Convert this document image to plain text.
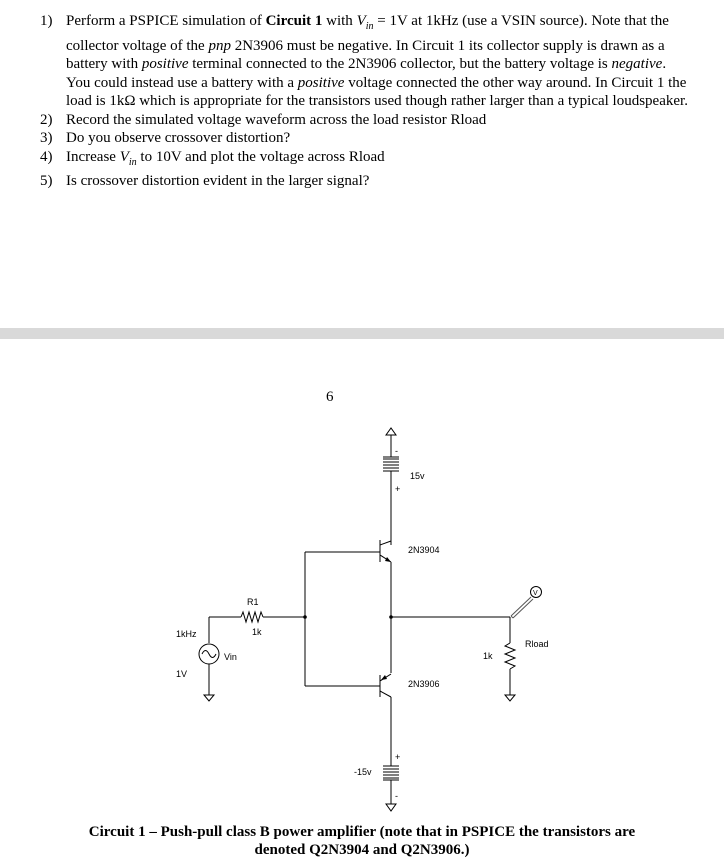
1) Perform a PSPICE simulation of Circuit 1 with $V_{in} = 1V$ at 1kHz (use a VSIN source). Note that the collector voltage of the pnp 2N3906 must be negative. In Circuit 1 its collector supply is drawn as a battery with positive terminal connected to the 2N3906 collector, but the battery voltage is negative. You could instead use a battery with a positive voltage connected the other way around. In Circuit 1 the load is 1kΩ which is appropriate for the transistors used though rather larger than a typical loudspeaker.
2) Record the simulated voltage waveform across the load resistor Rload
3) Do you observe crossover distortion?
4) Increase $V_{in}$ to 10V and plot the voltage across Rload
5) Is crossover distortion evident in the larger signal?
6
-
+
15v
2N3904
2N3906
+
-
-15v
R1
1k
1kHz
1V
Vin	1k
Rload
V
Circuit 1 – Push-pull class B power amplifier (note that in PSPICE the transistors are
denoted Q2N3904 and Q2N3906.)
